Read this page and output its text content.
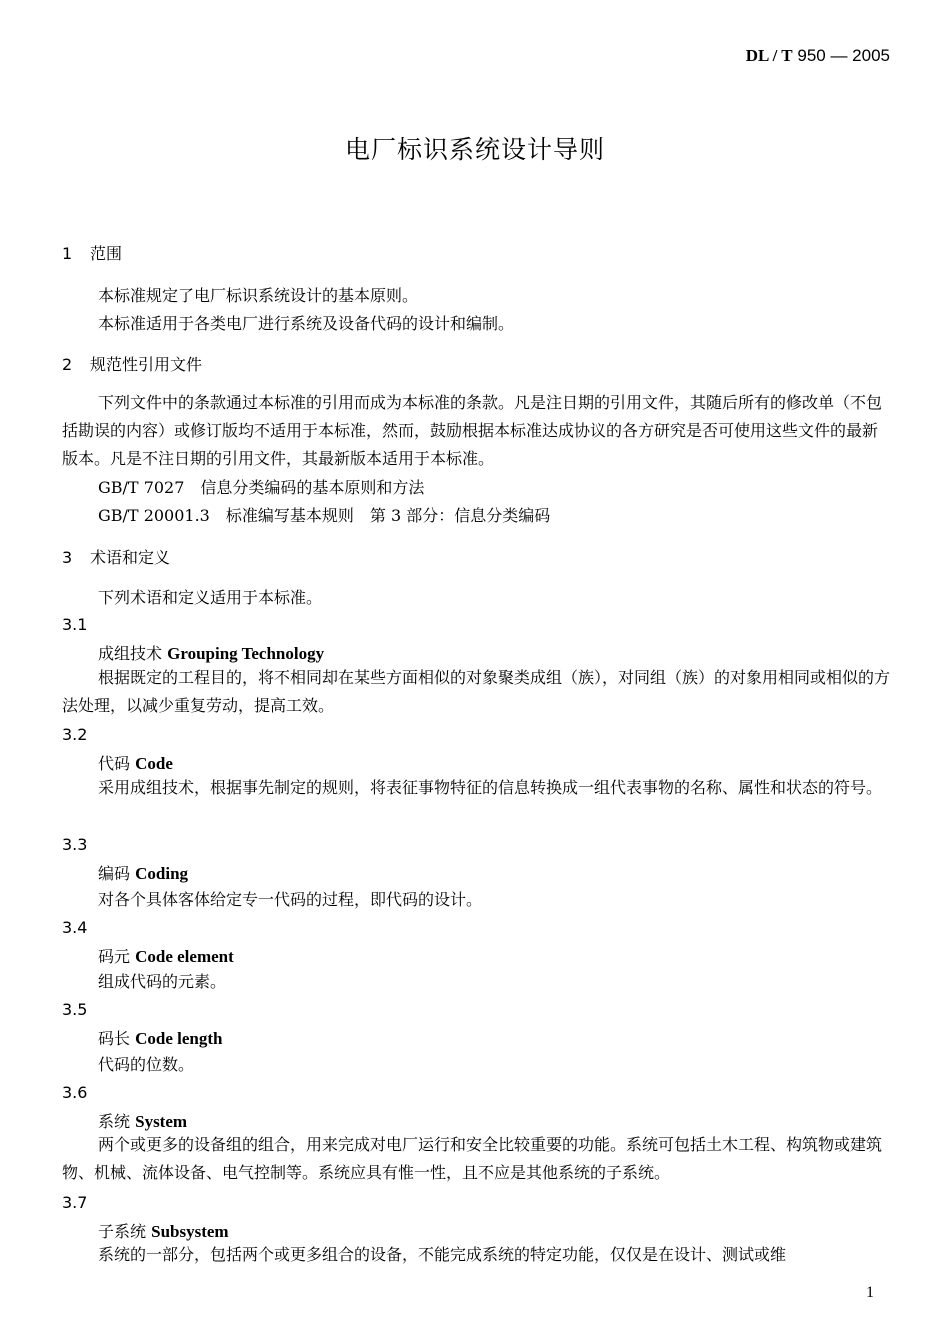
DL / T 950 — 2005
电厂标识系统设计导则
1 范围
本标准规定了电厂标识系统设计的基本原则。
本标准适用于各类电厂进行系统及设备代码的设计和编制。
2 规范性引用文件
下列文件中的条款通过本标准的引用而成为本标准的条款。凡是注日期的引用文件，其随后所有的修改单（不包括勘误的内容）或修订版均不适用于本标准，然而，鼓励根据本标准达成协议的各方研究是否可使用这些文件的最新版本。凡是不注日期的引用文件，其最新版本适用于本标准。
GB/T 7027　信息分类编码的基本原则和方法
GB/T 20001.3　标准编写基本规则　第 3 部分：信息分类编码
3 术语和定义
下列术语和定义适用于本标准。
3.1
成组技术 Grouping Technology
根据既定的工程目的，将不相同却在某些方面相似的对象聚类成组（族），对同组（族）的对象用相同或相似的方法处理，以减少重复劳动，提高工效。
3.2
代码 Code
采用成组技术，根据事先制定的规则，将表征事物特征的信息转换成一组代表事物的名称、属性和状态的符号。
3.3
编码 Coding
对各个具体客体给定专一代码的过程，即代码的设计。
3.4
码元 Code element
组成代码的元素。
3.5
码长 Code length
代码的位数。
3.6
系统 System
两个或更多的设备组的组合，用来完成对电厂运行和安全比较重要的功能。系统可包括土木工程、构筑物或建筑物、机械、流体设备、电气控制等。系统应具有惟一性，且不应是其他系统的子系统。
3.7
子系统 Subsystem
系统的一部分，包括两个或更多组合的设备，不能完成系统的特定功能，仅仅是在设计、测试或维
1
